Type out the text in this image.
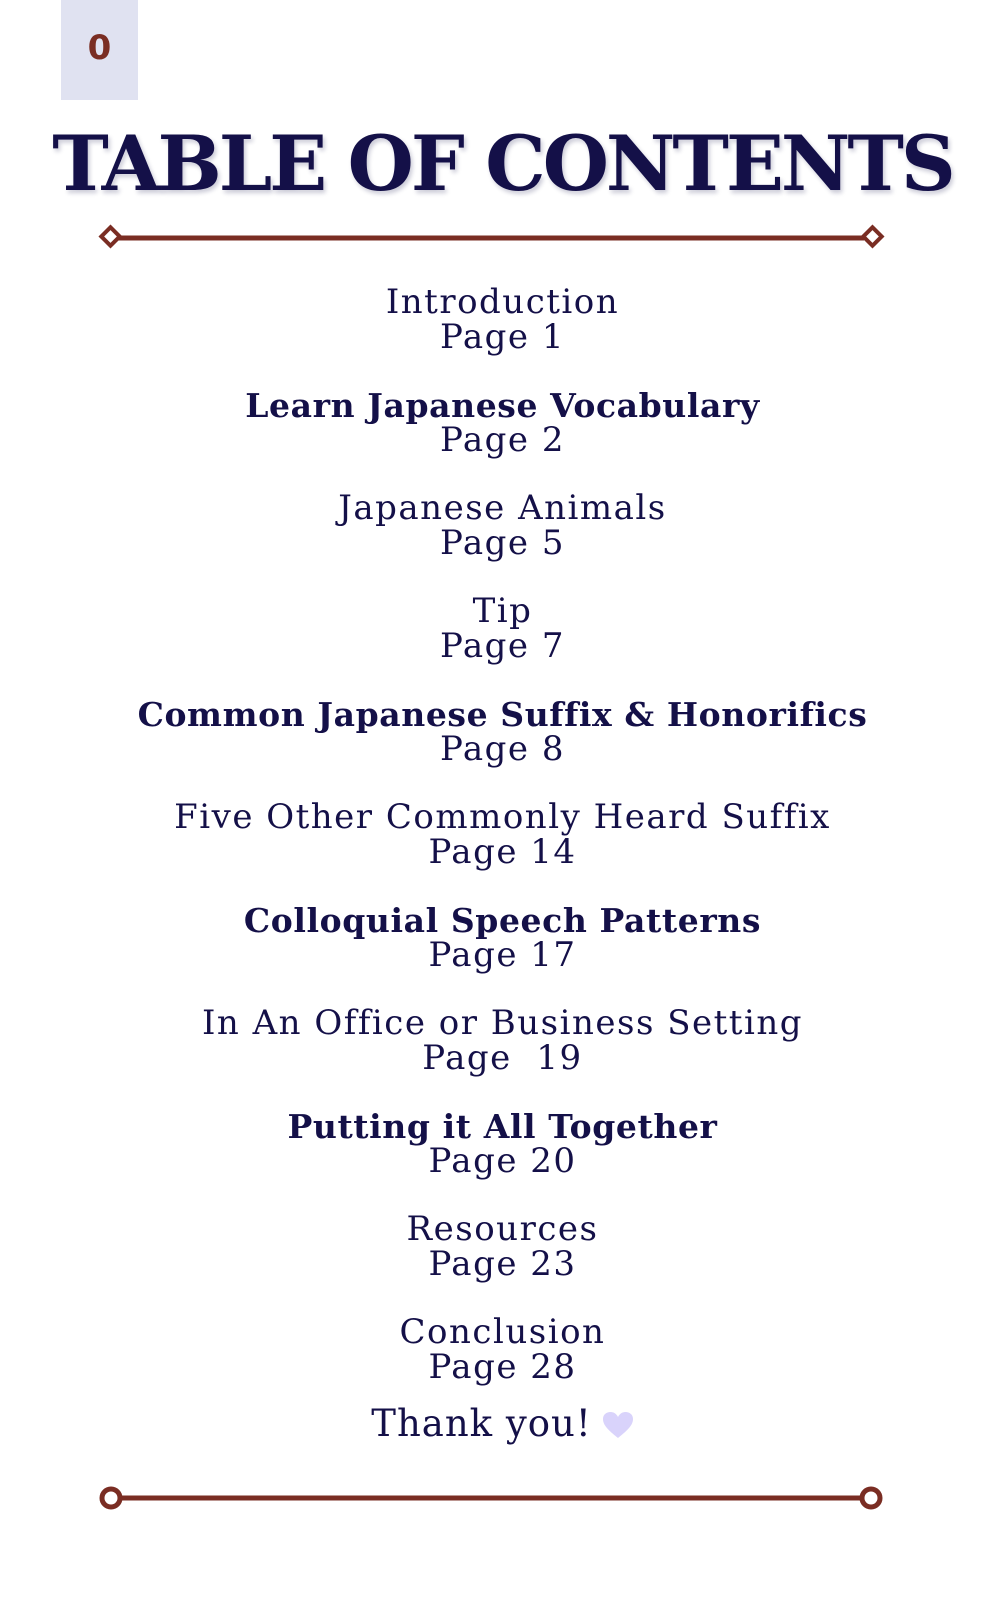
0
TABLE OF CONTENTS
Introduction
Page 1
Learn Japanese Vocabulary
Page 2
Japanese Animals
Page 5
Tip
Page 7
Common Japanese Suffix & Honorifics
Page 8
Five Other Commonly Heard Suffix
Page 14
Colloquial Speech Patterns
Page 17
In An Office or Business Setting
Page  19
Putting it All Together
Page 20
Resources
Page 23
Conclusion
Page 28
Thank you!
